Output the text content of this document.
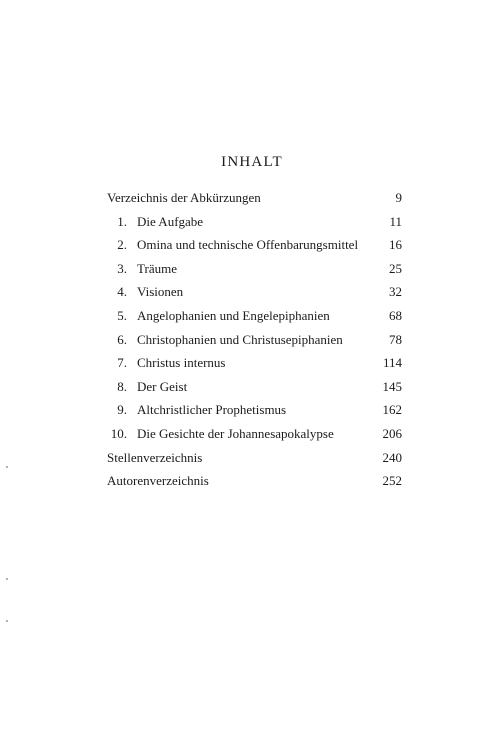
INHALT
Verzeichnis der Abkürzungen	9
1. Die Aufgabe	11
2. Omina und technische Offenbarungsmittel	16
3. Träume	25
4. Visionen	32
5. Angelophanien und Engelepiphanien	68
6. Christophanien und Christusepiphanien	78
7. Christus internus	114
8. Der Geist	145
9. Altchristlicher Prophetismus	162
10. Die Gesichte der Johannesapokalypse	206
Stellenverzeichnis	240
Autorenverzeichnis	252
